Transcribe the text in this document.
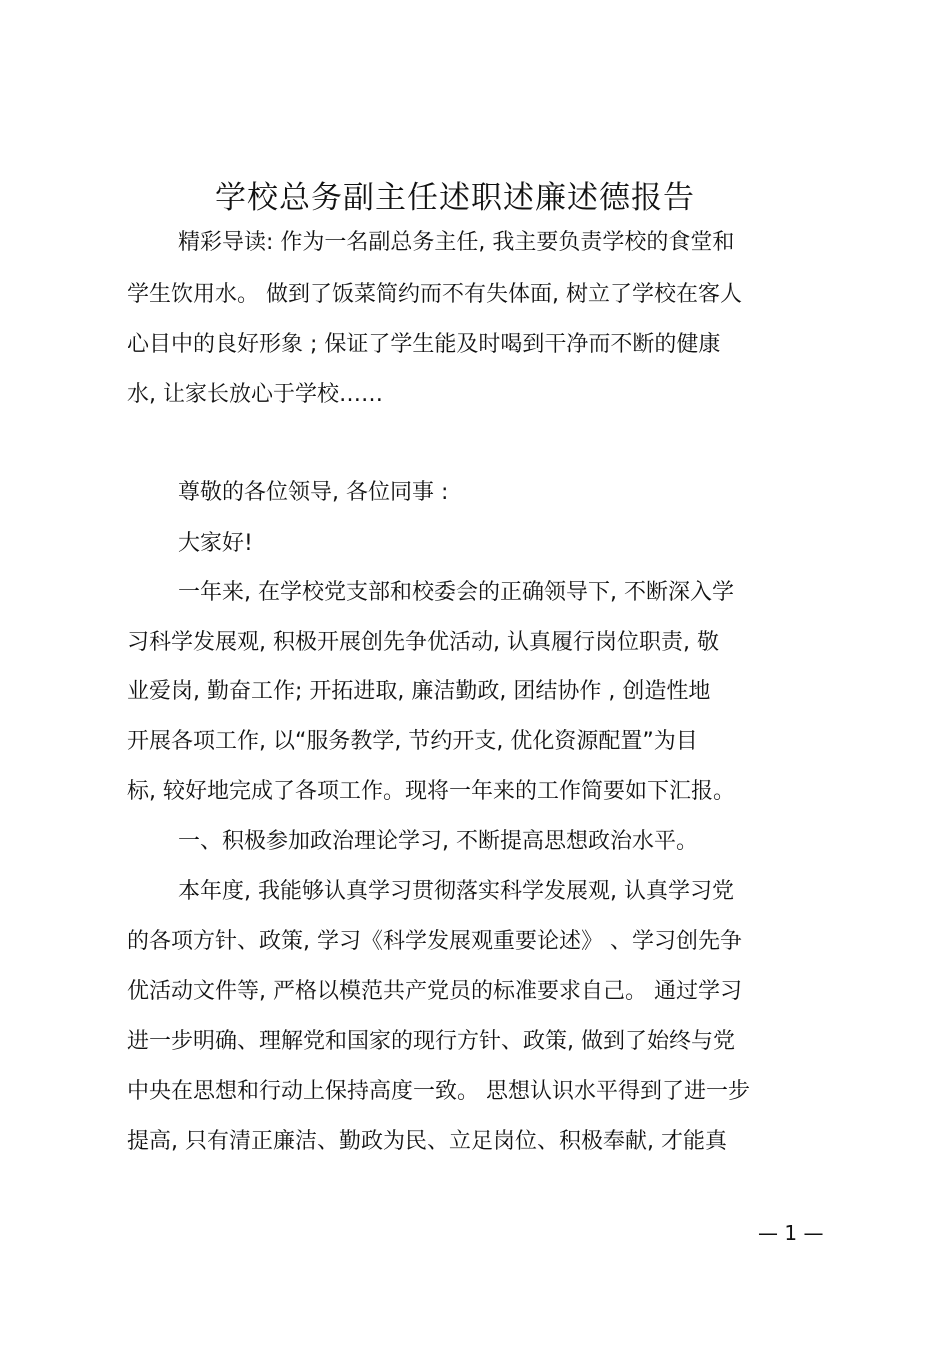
学校总务副主任述职述廉述德报告
精彩导读: 作为一名副总务主任, 我主要负责学校的食堂和
学生饮用水。 做到了饭菜简约而不有失体面, 树立了学校在客人
心目中的良好形象 ; 保证了学生能及时喝到干净而不断的健康
水, 让家长放心于学校……
尊敬的各位领导, 各位同事 :
大家好!
一年来, 在学校党支部和校委会的正确领导下, 不断深入学
习科学发展观, 积极开展创先争优活动, 认真履行岗位职责, 敬
业爱岗, 勤奋工作; 开拓进取, 廉洁勤政, 团结协作 , 创造性地
开展各项工作, 以“服务教学, 节约开支, 优化资源配置”为目
标, 较好地完成了各项工作。现将一年来的工作简要如下汇报。
一、积极参加政治理论学习, 不断提高思想政治水平。
本年度, 我能够认真学习贯彻落实科学发展观, 认真学习党
的各项方针、政策, 学习《科学发展观重要论述》 、学习创先争
优活动文件等, 严格以模范共产党员的标准要求自己。 通过学习
进一步明确、理解党和国家的现行方针、政策, 做到了始终与党
中央在思想和行动上保持高度一致。 思想认识水平得到了进一步
提高, 只有清正廉洁、勤政为民、立足岗位、积极奉献, 才能真
— 1 —
